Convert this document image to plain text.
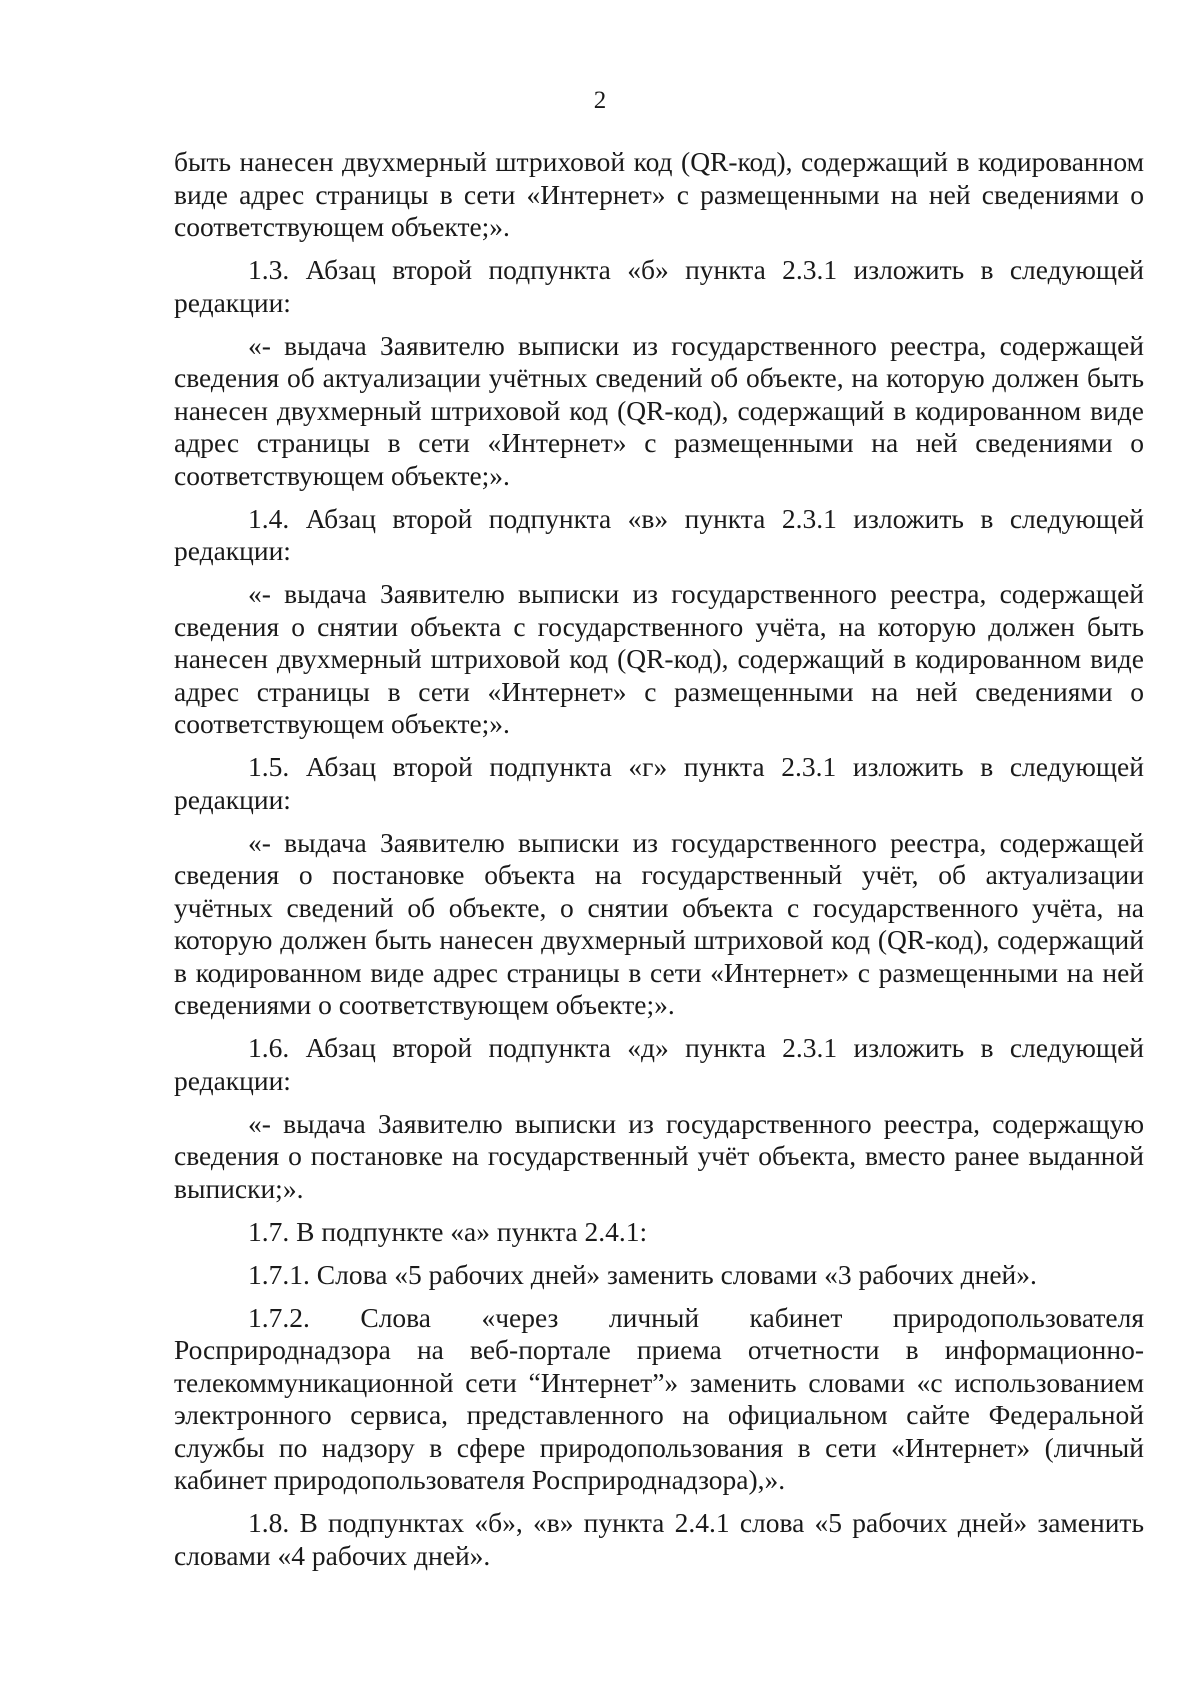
2

быть нанесен двухмерный штриховой код (QR-код), содержащий в кодированном виде адрес страницы в сети «Интернет» с размещенными на ней сведениями о соответствующем объекте;».

1.3. Абзац второй подпункта «б» пункта 2.3.1 изложить в следующей редакции:

«- выдача Заявителю выписки из государственного реестра, содержащей сведения об актуализации учётных сведений об объекте, на которую должен быть нанесен двухмерный штриховой код (QR-код), содержащий в кодированном виде адрес страницы в сети «Интернет» с размещенными на ней сведениями о соответствующем объекте;».

1.4. Абзац второй подпункта «в» пункта 2.3.1 изложить в следующей редакции:

«- выдача Заявителю выписки из государственного реестра, содержащей сведения о снятии объекта с государственного учёта, на которую должен быть нанесен двухмерный штриховой код (QR-код), содержащий в кодированном виде адрес страницы в сети «Интернет» с размещенными на ней сведениями о соответствующем объекте;».

1.5. Абзац второй подпункта «г» пункта 2.3.1 изложить в следующей редакции:

«- выдача Заявителю выписки из государственного реестра, содержащей сведения о постановке объекта на государственный учёт, об актуализации учётных сведений об объекте, о снятии объекта с государственного учёта, на которую должен быть нанесен двухмерный штриховой код (QR-код), содержащий в кодированном виде адрес страницы в сети «Интернет» с размещенными на ней сведениями о соответствующем объекте;».

1.6. Абзац второй подпункта «д» пункта 2.3.1 изложить в следующей редакции:

«- выдача Заявителю выписки из государственного реестра, содержащую сведения о постановке на государственный учёт объекта, вместо ранее выданной выписки;».

1.7. В подпункте «а» пункта 2.4.1:

1.7.1. Слова «5 рабочих дней» заменить словами «3 рабочих дней».

1.7.2. Слова «через личный кабинет природопользователя Росприроднадзора на веб-портале приема отчетности в информационно-телекоммуникационной сети “Интернет”» заменить словами «с использованием электронного сервиса, представленного на официальном сайте Федеральной службы по надзору в сфере природопользования в сети «Интернет» (личный кабинет природопользователя Росприроднадзора),».

1.8. В подпунктах «б», «в» пункта 2.4.1 слова «5 рабочих дней» заменить словами «4 рабочих дней».
